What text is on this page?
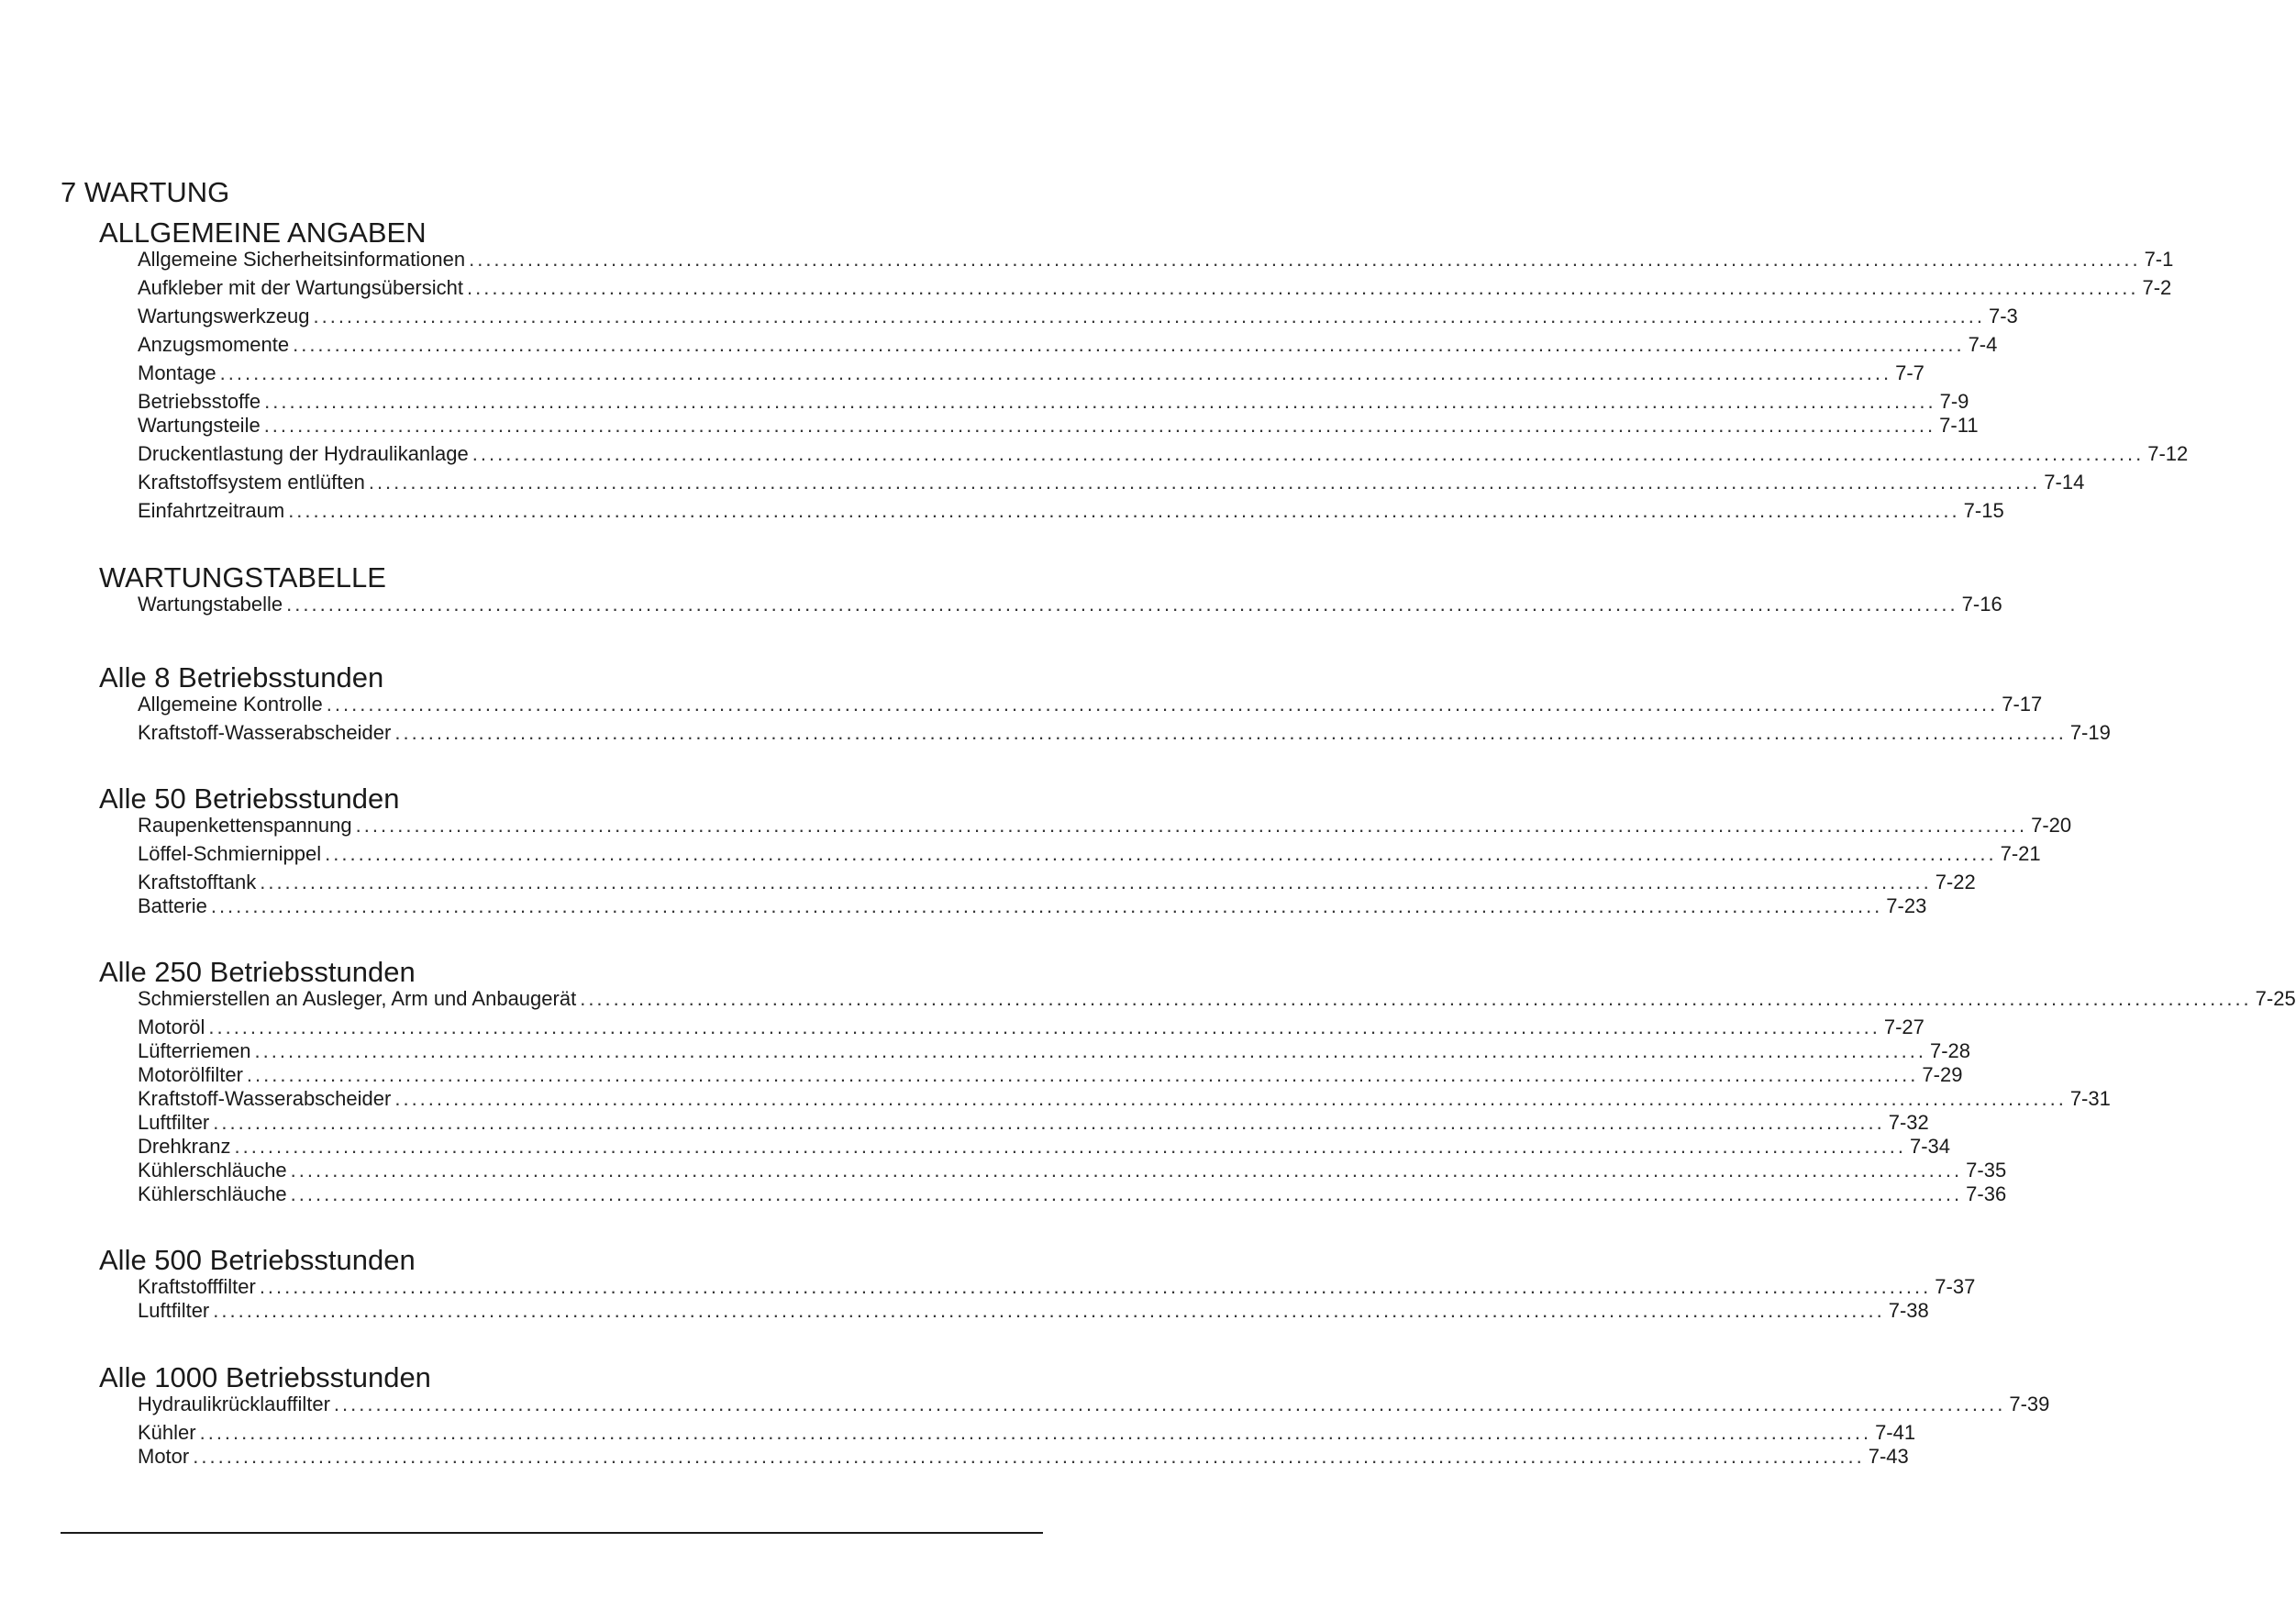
7 WARTUNG
ALLGEMEINE ANGABEN
Allgemeine Sicherheitsinformationen ........................................................................................................................................................................................................ 7-1
Aufkleber mit der Wartungsübersicht ........................................................................................................................................................................................................ 7-2
Wartungswerkzeug ........................................................................................................................................................................................................ 7-3
Anzugsmomente ........................................................................................................................................................................................................ 7-4
Montage ........................................................................................................................................................................................................ 7-7
Betriebsstoffe ........................................................................................................................................................................................................ 7-9
Wartungsteile ........................................................................................................................................................................................................ 7-11
Druckentlastung der Hydraulikanlage ........................................................................................................................................................................................................ 7-12
Kraftstoffsystem entlüften ........................................................................................................................................................................................................ 7-14
Einfahrtzeitraum ........................................................................................................................................................................................................ 7-15
WARTUNGSTABELLE
Wartungstabelle ........................................................................................................................................................................................................ 7-16
Alle 8 Betriebsstunden
Allgemeine Kontrolle ........................................................................................................................................................................................................ 7-17
Kraftstoff-Wasserabscheider ........................................................................................................................................................................................................ 7-19
Alle 50 Betriebsstunden
Raupenkettenspannung ........................................................................................................................................................................................................ 7-20
Löffel-Schmiernippel ........................................................................................................................................................................................................ 7-21
Kraftstofftank ........................................................................................................................................................................................................ 7-22
Batterie ........................................................................................................................................................................................................ 7-23
Alle 250 Betriebsstunden
Schmierstellen an Ausleger, Arm und Anbaugerät ........................................................................................................................................................................................................ 7-25
Motoröl ........................................................................................................................................................................................................ 7-27
Lüfterriemen ........................................................................................................................................................................................................ 7-28
Motorölfilter ........................................................................................................................................................................................................ 7-29
Kraftstoff-Wasserabscheider ........................................................................................................................................................................................................ 7-31
Luftfilter ........................................................................................................................................................................................................ 7-32
Drehkranz ........................................................................................................................................................................................................ 7-34
Kühlerschläuche ........................................................................................................................................................................................................ 7-35
Kühlerschläuche ........................................................................................................................................................................................................ 7-36
Alle 500 Betriebsstunden
Kraftstofffilter ........................................................................................................................................................................................................ 7-37
Luftfilter ........................................................................................................................................................................................................ 7-38
Alle 1000 Betriebsstunden
Hydraulikrücklauffilter ........................................................................................................................................................................................................ 7-39
Kühler ........................................................................................................................................................................................................ 7-41
Motor ........................................................................................................................................................................................................ 7-43
